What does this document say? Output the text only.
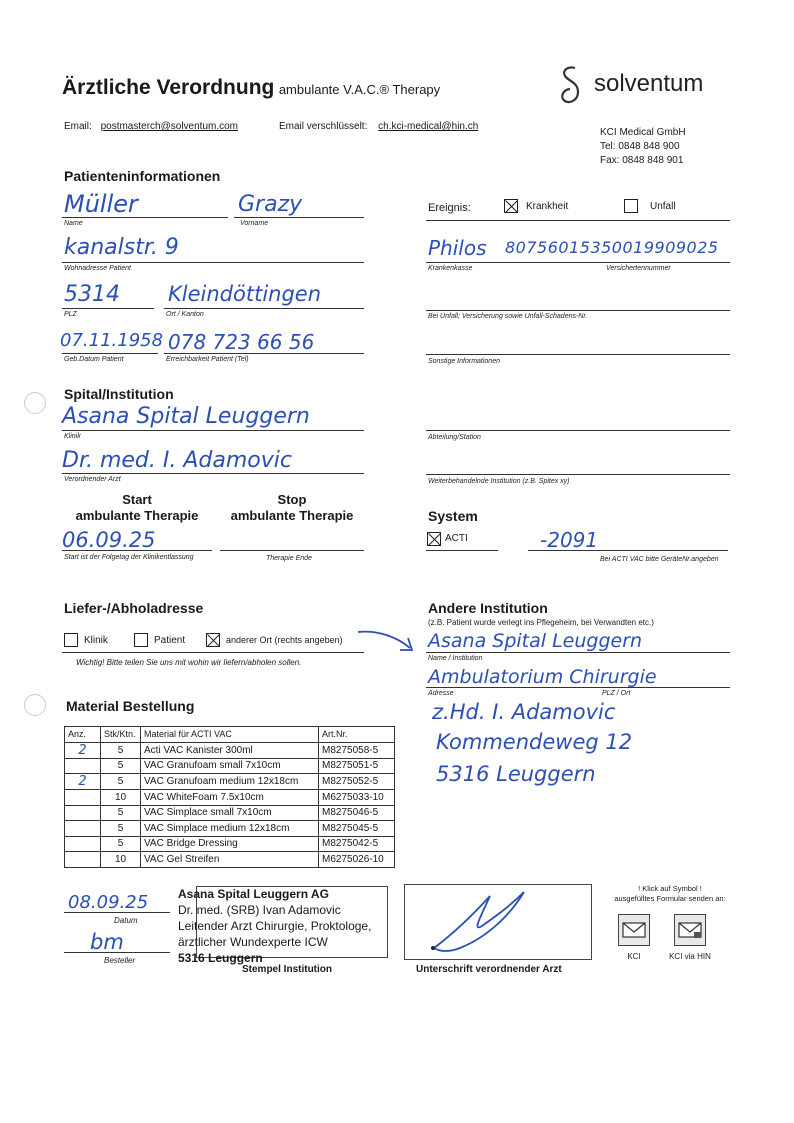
Ärztliche Verordnung ambulante V.A.C.® Therapy	solventum
Email: postmasterch@solventum.com	Email verschlüsselt: ch.kci-medical@hin.ch
KCI Medical GmbH
Tel: 0848 848 900
Fax: 0848 848 901
Patienteninformationen
Müller	Grazy
Name	Vorname
kanalstr. 9
Wohnadresse Patient
5314 Kleindöttingen
PLZ	Ort / Kanton
07.11.1958 078 723 66 56
Geb.Datum Patient	Erreichbarkeit Patient (Tel)
Ereignis:	Krankheit	Unfall
Philos 80756015350019909025
Krankenkasse	Versichertennummer
Bei Unfall; Versicherung sowie Unfall-Schadens-Nr.
Sonstige Informationen
Spital/Institution
Asana Spital Leuggern
Klinik
Dr. med. I. Adamovic
Verordnender Arzt
Abteilung/Station
Weiterbehandelnde Institution (z.B. Spitex xy)
Start
ambulante Therapie
Stop
ambulante Therapie
06.09.25
Start ist der Folgetag der Klinikentlassung	Therapie Ende
System
ACTI	-2091
Bei ACTI VAC bitte GeräteNr.angeben
Liefer-/Abholadresse
Klinik	Patient	anderer Ort (rechts angeben)
Wichtig! Bitte teilen Sie uns mit wohin wir liefern/abholen sollen.
Andere Institution
(z.B. Patient wurde verlegt ins Pflegeheim, bei Verwandten etc.)
Asana Spital Leuggern
Name / Institution
Ambulatorium Chirurgie
Adresse	PLZ / Ort
z.Hd. I. Adamovic
Kommendeweg 12
5316 Leuggern
Material Bestellung
Anz.	Stk/Ktn.	Material für ACTI VAC	Art.Nr.
2	5	Acti VAC Kanister 300ml	M8275058-5
	5	VAC Granufoam small 7x10cm	M8275051-5
2	5	VAC Granufoam medium 12x18cm	M8275052-5
	10	VAC WhiteFoam 7.5x10cm	M6275033-10
	5	VAC Simplace small 7x10cm	M8275046-5
	5	VAC Simplace medium 12x18cm	M8275045-5
	5	VAC Bridge Dressing	M8275042-5
	10	VAC Gel Streifen	M6275026-10
08.09.25
Datum
bm
Besteller
Asana Spital Leuggern AG
Dr. med. (SRB) Ivan Adamovic
Leitender Arzt Chirurgie, Proktologe,
ärztlicher Wundexperte ICW
5316 Leuggern
Stempel Institution	Unterschrift verordnender Arzt
! Klick auf Symbol !
ausgefülltes Formular senden an:
KCI	KCI via HIN
